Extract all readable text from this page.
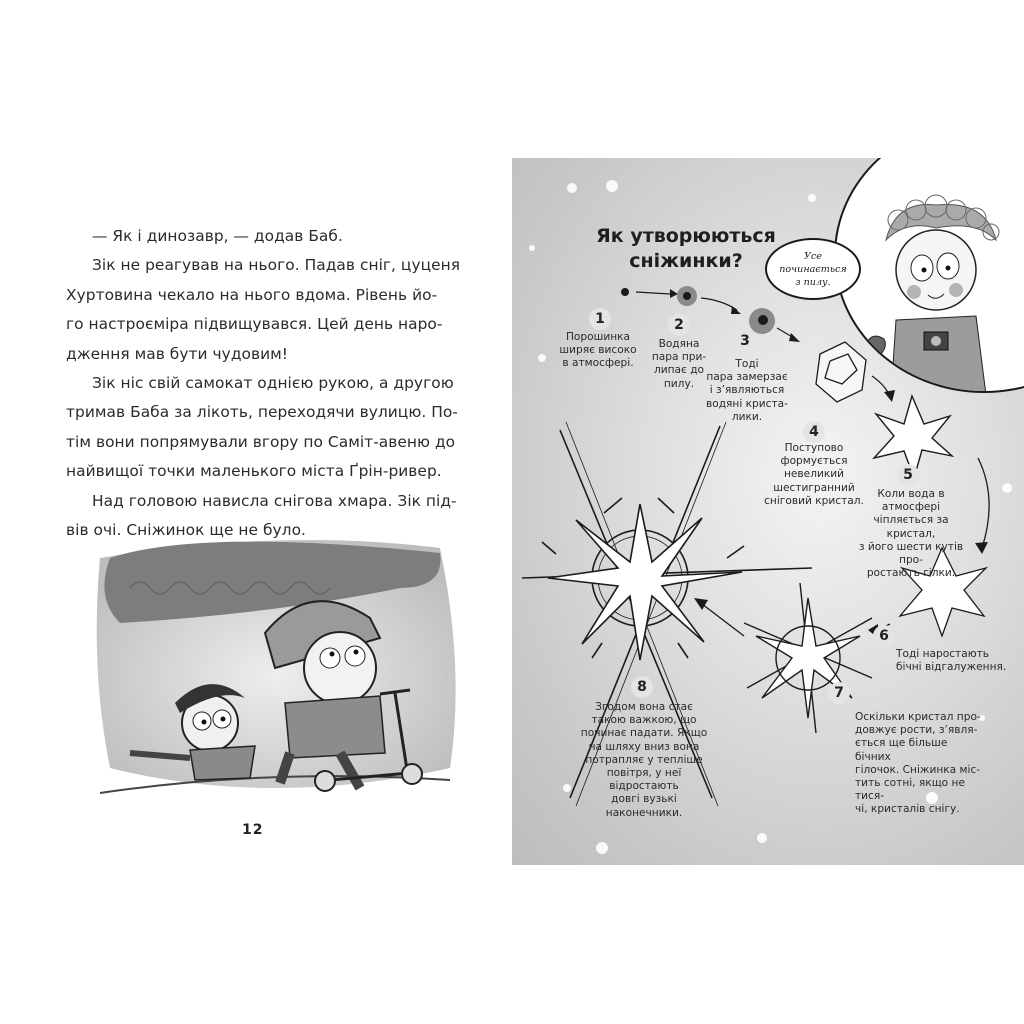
— Як і динозавр, — додав Баб.

Зік не реагував на нього. Падав сніг, цуценя
Хуртовина чекало на нього вдома. Рівень йо-
го настроєміра підвищувався. Цей день наро-
дження мав бути чудовим!

Зік ніс свій самокат однією рукою, а другою
тримав Баба за лікоть, переходячи вулицю. По-
тім вони попрямували вгору по Саміт-авеню до
найвищої точки маленького міста Ґрін-ривер.

Над головою нависла снігова хмара. Зік під-
вів очі. Сніжинок ще не було.

12
Як утворюються
сніжинки?	Усе
починається
з пилу.
1	2
3
4
5
6
7
8
Порошинка
ширяє високо
в атмосфері.
Водяна
пара при-
липає до
пилу.
Тоді
пара замерзає
і з’являються
водяні криста-
лики.
Поступово
формується
невеликий
шестигранний
сніговий кристал.
Коли вода в атмосфері
чіпляється за кристал,
з його шести кутів про-
ростають гілки.
Тоді наростають
бічні відгалуження.
Оскільки кристал про-
довжує рости, з’явля-
ється ще більше бічних
гілочок. Сніжинка міс-
тить сотні, якщо не тися-
чі, кристалів снігу.
Згодом вона стає
такою важкою, що
починає падати. Якщо
на шляху вниз вона
потрапляє у тепліше
повітря, у неї відростають
довгі вузькі наконечники.
